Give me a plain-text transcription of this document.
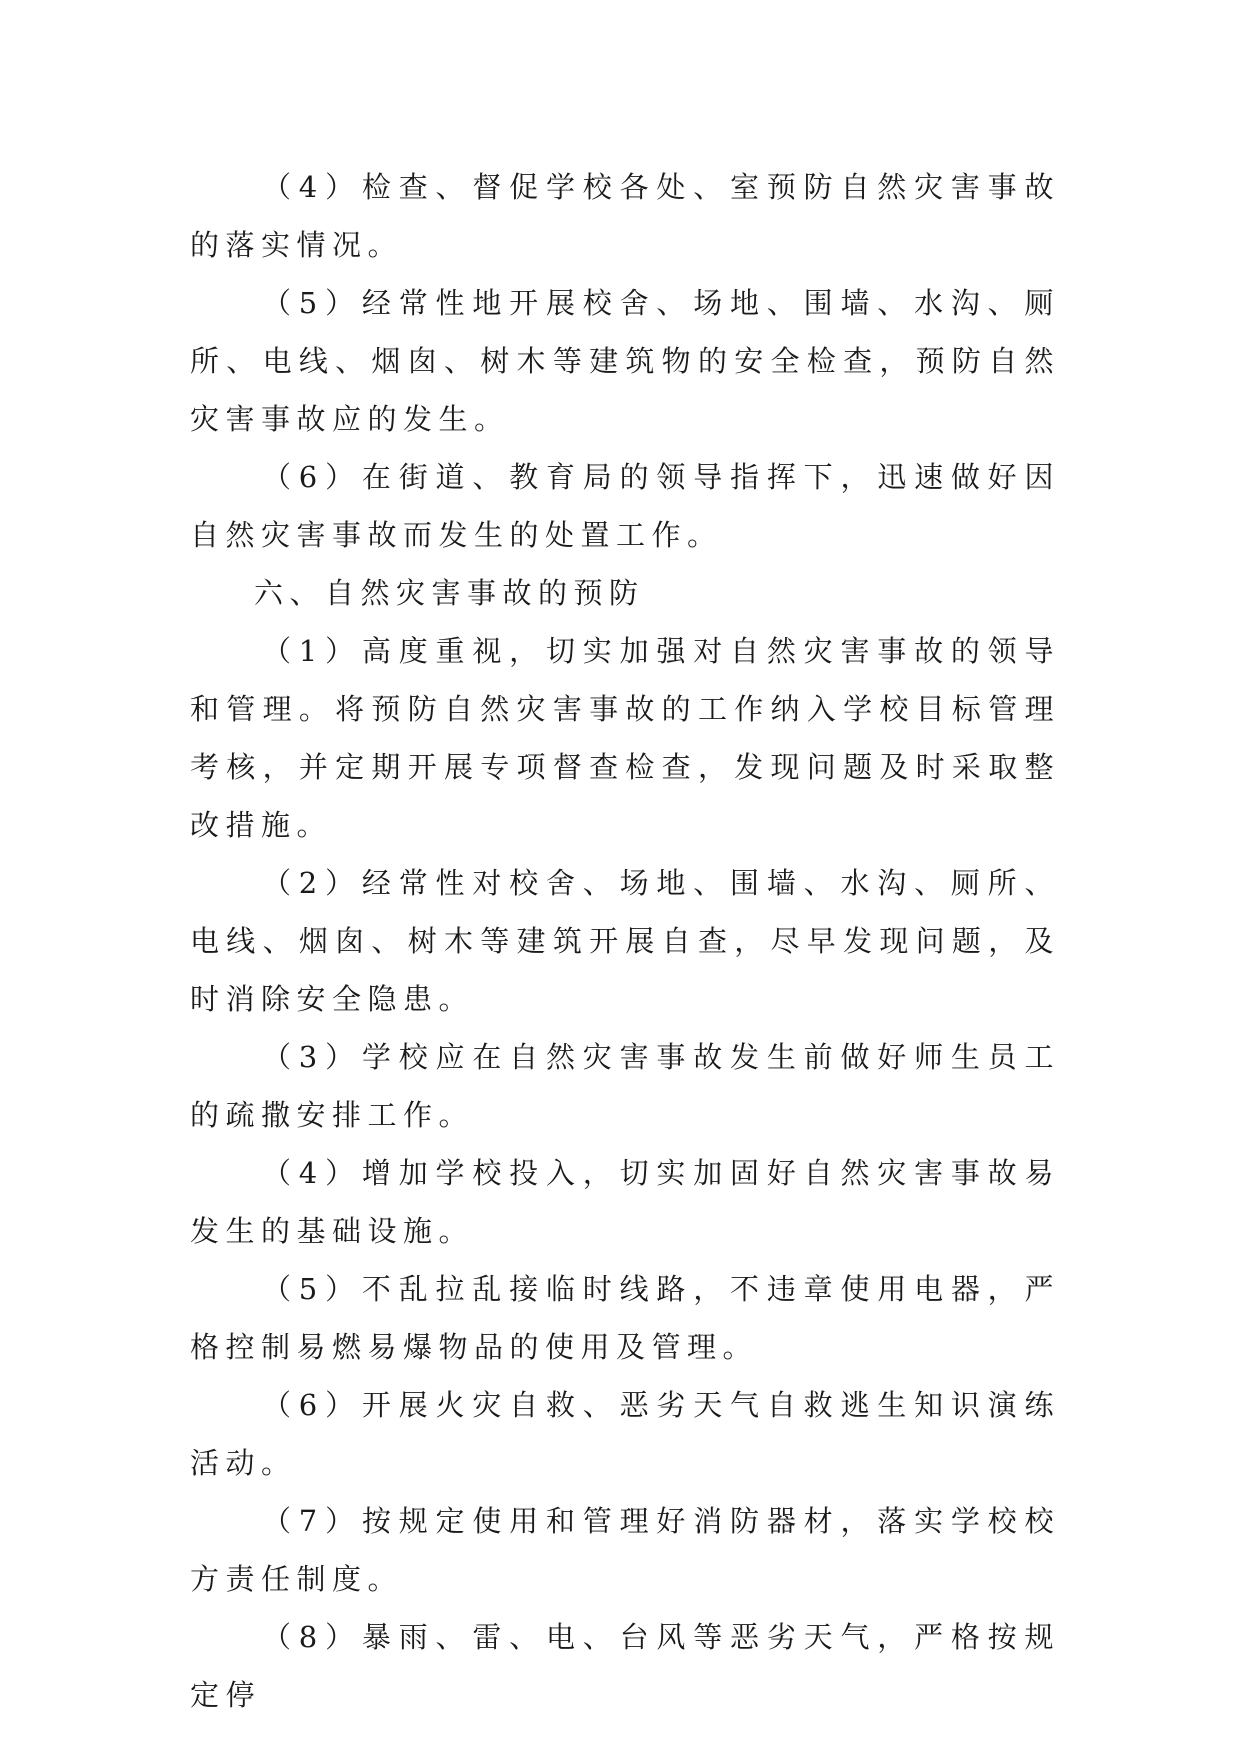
（4）检查、督促学校各处、室预防自然灾害事故的落实情况。

（5）经常性地开展校舍、场地、围墙、水沟、厕所、电线、烟囱、树木等建筑物的安全检查，预防自然灾害事故应的发生。

（6）在街道、教育局的领导指挥下，迅速做好因自然灾害事故而发生的处置工作。

六、自然灾害事故的预防

（1）高度重视，切实加强对自然灾害事故的领导和管理。将预防自然灾害事故的工作纳入学校目标管理考核，并定期开展专项督查检查，发现问题及时采取整改措施。

（2）经常性对校舍、场地、围墙、水沟、厕所、电线、烟囱、树木等建筑开展自查，尽早发现问题，及时消除安全隐患。

（3）学校应在自然灾害事故发生前做好师生员工的疏撒安排工作。

（4）增加学校投入，切实加固好自然灾害事故易发生的基础设施。

（5）不乱拉乱接临时线路，不违章使用电器，严格控制易燃易爆物品的使用及管理。

（6）开展火灾自救、恶劣天气自救逃生知识演练活动。

（7）按规定使用和管理好消防器材，落实学校校方责任制度。

（8）暴雨、雷、电、台风等恶劣天气，严格按规定停
